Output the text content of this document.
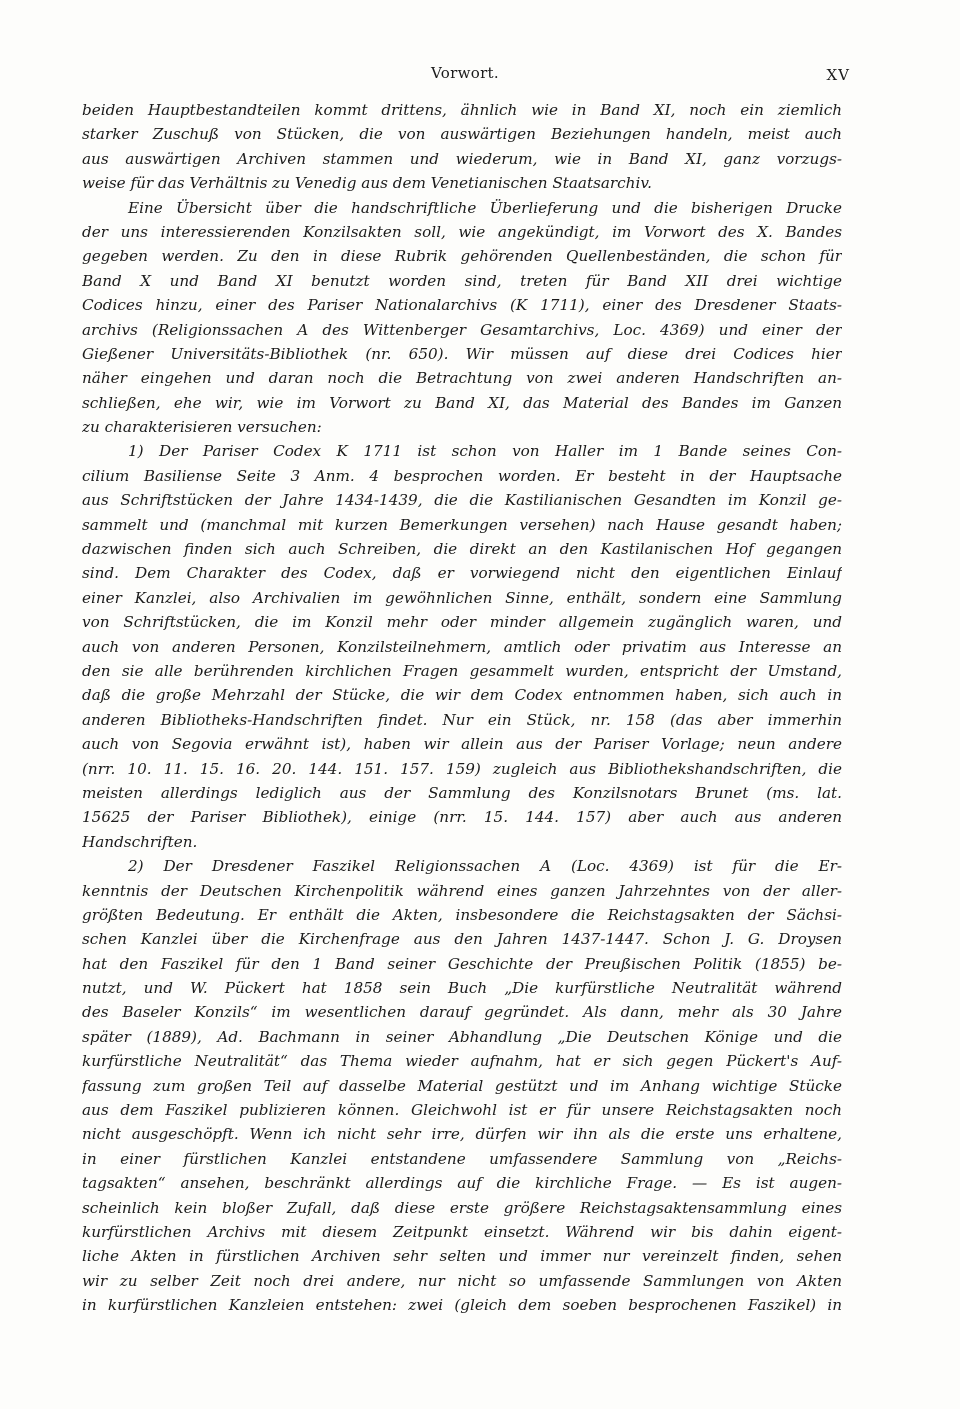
Vorwort.	XV
beiden Hauptbestandteilen kommt drittens, ähnlich wie in Band XI, noch ein ziemlich
starker Zuschuß von Stücken, die von auswärtigen Beziehungen handeln, meist auch
aus auswärtigen Archiven stammen und wiederum, wie in Band XI, ganz vorzugs-
weise für das Verhältnis zu Venedig aus dem Venetianischen Staatsarchiv.
Eine Übersicht über die handschriftliche Überlieferung und die bisherigen Drucke
der uns interessierenden Konzilsakten soll, wie angekündigt, im Vorwort des X. Bandes
gegeben werden. Zu den in diese Rubrik gehörenden Quellenbeständen, die schon für
Band X und Band XI benutzt worden sind, treten für Band XII drei wichtige
Codices hinzu, einer des Pariser Nationalarchivs (K 1711), einer des Dresdener Staats-
archivs (Religionssachen A des Wittenberger Gesamtarchivs, Loc. 4369) und einer der
Gießener Universitäts-Bibliothek (nr. 650). Wir müssen auf diese drei Codices hier
näher eingehen und daran noch die Betrachtung von zwei anderen Handschriften an-
schließen, ehe wir, wie im Vorwort zu Band XI, das Material des Bandes im Ganzen
zu charakterisieren versuchen:
1) Der Pariser Codex K 1711 ist schon von Haller im 1 Bande seines Con-
cilium Basiliense Seite 3 Anm. 4 besprochen worden. Er besteht in der Hauptsache
aus Schriftstücken der Jahre 1434-1439, die die Kastilianischen Gesandten im Konzil ge-
sammelt und (manchmal mit kurzen Bemerkungen versehen) nach Hause gesandt haben;
dazwischen finden sich auch Schreiben, die direkt an den Kastilanischen Hof gegangen
sind. Dem Charakter des Codex, daß er vorwiegend nicht den eigentlichen Einlauf
einer Kanzlei, also Archivalien im gewöhnlichen Sinne, enthält, sondern eine Sammlung
von Schriftstücken, die im Konzil mehr oder minder allgemein zugänglich waren, und
auch von anderen Personen, Konzilsteilnehmern, amtlich oder privatim aus Interesse an
den sie alle berührenden kirchlichen Fragen gesammelt wurden, entspricht der Umstand,
daß die große Mehrzahl der Stücke, die wir dem Codex entnommen haben, sich auch in
anderen Bibliotheks-Handschriften findet. Nur ein Stück, nr. 158 (das aber immerhin
auch von Segovia erwähnt ist), haben wir allein aus der Pariser Vorlage; neun andere
(nrr. 10. 11. 15. 16. 20. 144. 151. 157. 159) zugleich aus Bibliothekshandschriften, die
meisten allerdings lediglich aus der Sammlung des Konzilsnotars Brunet (ms. lat.
15625 der Pariser Bibliothek), einige (nrr. 15. 144. 157) aber auch aus anderen
Handschriften.
2) Der Dresdener Faszikel Religionssachen A (Loc. 4369) ist für die Er-
kenntnis der Deutschen Kirchenpolitik während eines ganzen Jahrzehntes von der aller-
größten Bedeutung. Er enthält die Akten, insbesondere die Reichstagsakten der Sächsi-
schen Kanzlei über die Kirchenfrage aus den Jahren 1437-1447. Schon J. G. Droysen
hat den Faszikel für den 1 Band seiner Geschichte der Preußischen Politik (1855) be-
nutzt, und W. Pückert hat 1858 sein Buch „Die kurfürstliche Neutralität während
des Baseler Konzils“ im wesentlichen darauf gegründet. Als dann, mehr als 30 Jahre
später (1889), Ad. Bachmann in seiner Abhandlung „Die Deutschen Könige und die
kurfürstliche Neutralität“ das Thema wieder aufnahm, hat er sich gegen Pückert's Auf-
fassung zum großen Teil auf dasselbe Material gestützt und im Anhang wichtige Stücke
aus dem Faszikel publizieren können. Gleichwohl ist er für unsere Reichstagsakten noch
nicht ausgeschöpft. Wenn ich nicht sehr irre, dürfen wir ihn als die erste uns erhaltene,
in einer fürstlichen Kanzlei entstandene umfassendere Sammlung von „Reichs-
tagsakten“ ansehen, beschränkt allerdings auf die kirchliche Frage. — Es ist augen-
scheinlich kein bloßer Zufall, daß diese erste größere Reichstagsaktensammlung eines
kurfürstlichen Archivs mit diesem Zeitpunkt einsetzt. Während wir bis dahin eigent-
liche Akten in fürstlichen Archiven sehr selten und immer nur vereinzelt finden, sehen
wir zu selber Zeit noch drei andere, nur nicht so umfassende Sammlungen von Akten
in kurfürstlichen Kanzleien entstehen: zwei (gleich dem soeben besprochenen Faszikel) in
